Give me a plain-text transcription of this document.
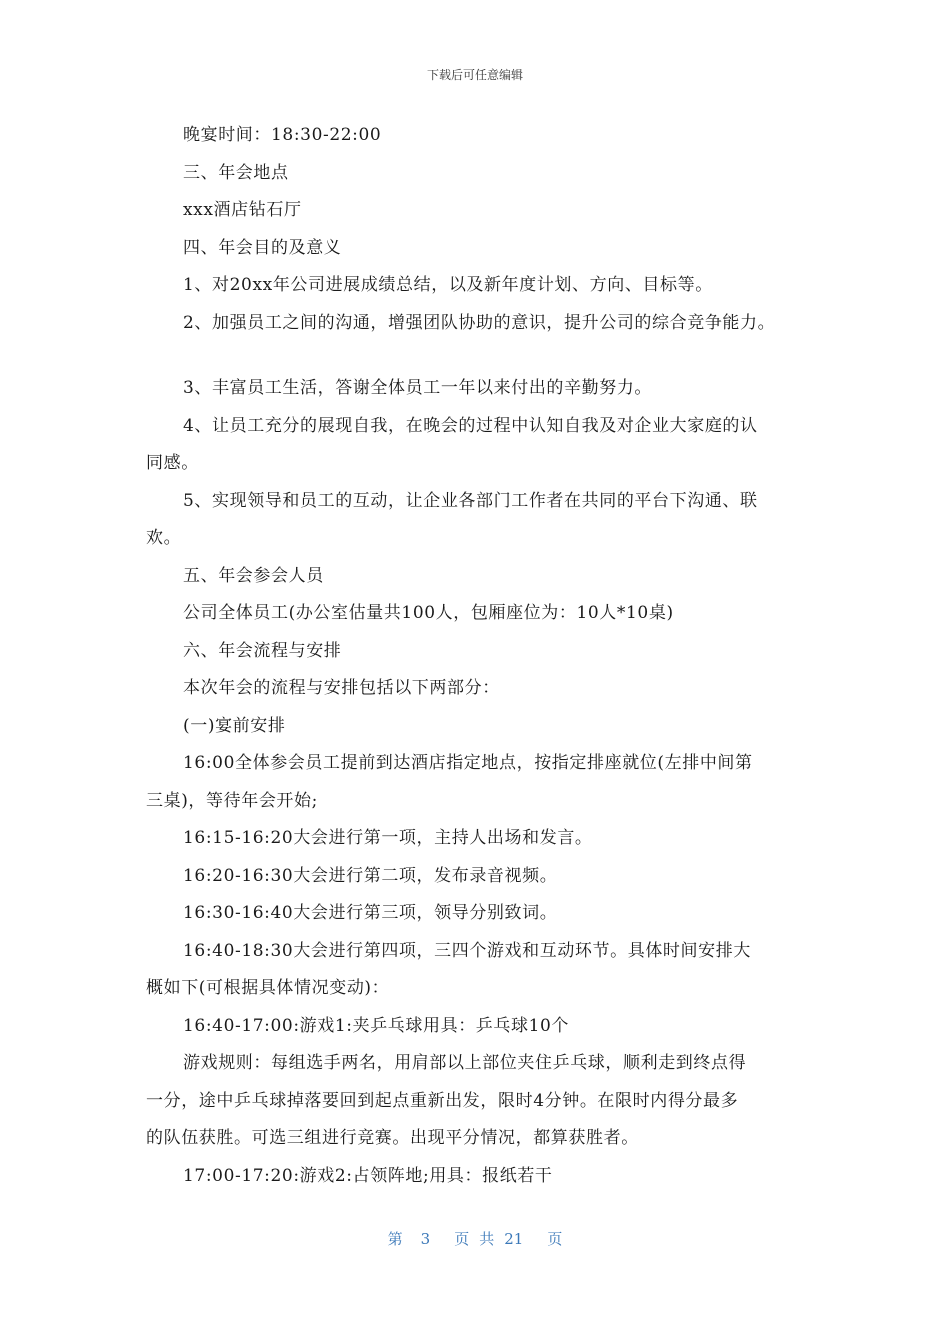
下载后可任意编辑
晚宴时间：18:30-22:00
三、年会地点
xxx酒店钻石厅
四、年会目的及意义
1、对20xx年公司进展成绩总结，以及新年度计划、方向、目标等。
2、加强员工之间的沟通，增强团队协助的意识，提升公司的综合竞争能力。
3、丰富员工生活，答谢全体员工一年以来付出的辛勤努力。
4、让员工充分的展现自我，在晚会的过程中认知自我及对企业大家庭的认
同感。
5、实现领导和员工的互动，让企业各部门工作者在共同的平台下沟通、联
欢。
五、年会参会人员
公司全体员工(办公室估量共100人，包厢座位为：10人*10桌)
六、年会流程与安排
本次年会的流程与安排包括以下两部分：
(一)宴前安排
16:00全体参会员工提前到达酒店指定地点，按指定排座就位(左排中间第
三桌)，等待年会开始;
16:15-16:20大会进行第一项，主持人出场和发言。
16:20-16:30大会进行第二项，发布录音视频。
16:30-16:40大会进行第三项，领导分别致词。
16:40-18:30大会进行第四项，三四个游戏和互动环节。具体时间安排大
概如下(可根据具体情况变动)：
16:40-17:00:游戏1:夹乒乓球用具：乒乓球10个
游戏规则：每组选手两名，用肩部以上部位夹住乒乓球，顺利走到终点得
一分，途中乒乓球掉落要回到起点重新出发，限时4分钟。在限时内得分最多
的队伍获胜。可选三组进行竞赛。出现平分情况，都算获胜者。
17:00-17:20:游戏2:占领阵地;用具：报纸若干
第 3 页 共 21 页
